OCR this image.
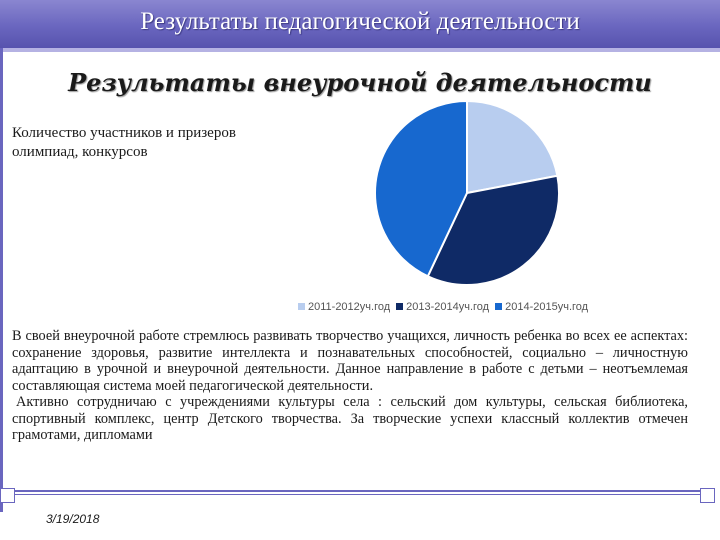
Результаты педагогической деятельности
Результаты внеурочной деятельности
Количество участников и призеров олимпиад, конкурсов
2011-2012уч.год 2013-2014уч.год 2014-2015уч.год

В своей внеурочной работе стремлюсь развивать творчество учащихся, личность ребенка во всех ее аспектах: сохранение здоровья, развитие интеллекта и познавательных способностей, социально – личностную адаптацию в урочной и внеурочной деятельности. Данное направление в работе с детьми – неотъемлемая составляющая система моей педагогической деятельности.

Активно сотрудничаю с учреждениями культуры села : сельский дом культуры, сельская библиотека, спортивный комплекс, центр Детского творчества. За творческие успехи классный коллектив отмечен грамотами, дипломами

3/19/2018
